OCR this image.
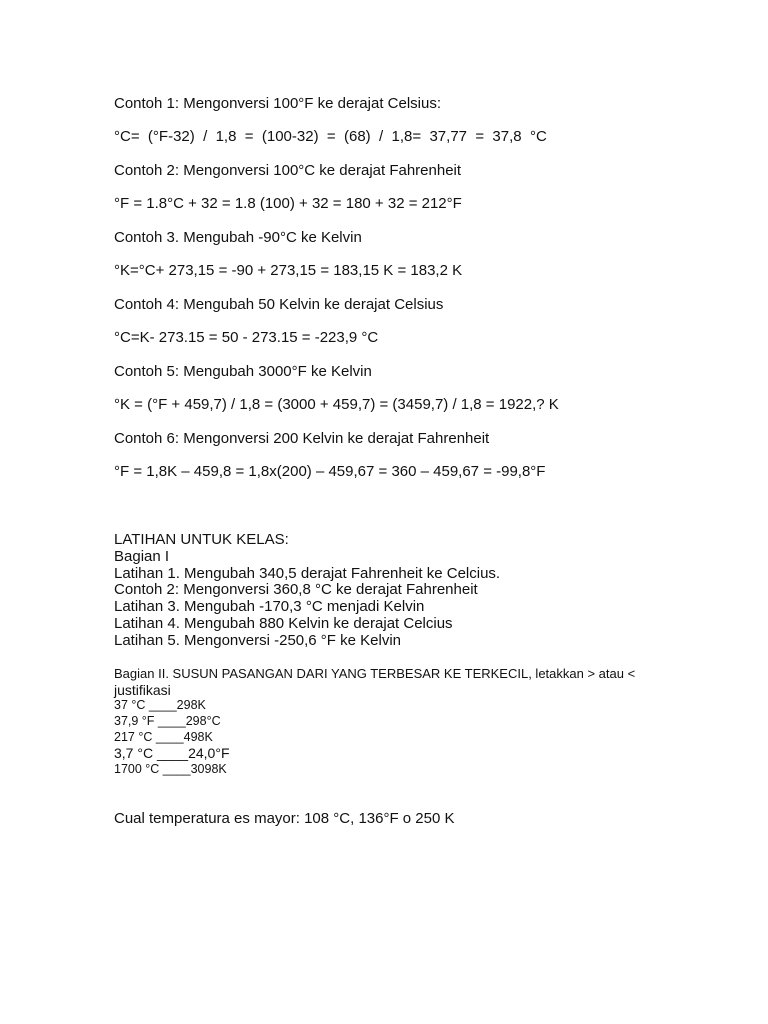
Contoh 1: Mengonversi 100°F ke derajat Celsius:
°C=  (°F-32)  /  1,8  =  (100-32)  =  (68)  /  1,8=  37,77  =  37,8  °C
Contoh 2: Mengonversi 100°C ke derajat Fahrenheit
°F = 1.8°C + 32 = 1.8 (100) + 32 = 180 + 32 = 212°F
Contoh 3. Mengubah -90°C ke Kelvin
°K=°C+ 273,15 = -90 + 273,15 = 183,15 K = 183,2 K
Contoh 4: Mengubah 50 Kelvin ke derajat Celsius
°C=K- 273.15 = 50 - 273.15 = -223,9 °C
Contoh 5: Mengubah 3000°F ke Kelvin
°K = (°F + 459,7) / 1,8 = (3000 + 459,7) = (3459,7) / 1,8 = 1922,? K
Contoh 6: Mengonversi 200 Kelvin ke derajat Fahrenheit
°F = 1,8K – 459,8 = 1,8x(200) – 459,67 = 360 – 459,67 = -99,8°F
LATIHAN UNTUK KELAS:
Bagian I
Latihan 1. Mengubah 340,5 derajat Fahrenheit ke Celcius.
Contoh 2: Mengonversi 360,8 °C ke derajat Fahrenheit
Latihan 3. Mengubah -170,3 °C menjadi Kelvin
Latihan 4. Mengubah 880 Kelvin ke derajat Celcius
Latihan 5. Mengonversi -250,6 °F ke Kelvin
Bagian II. SUSUN PASANGAN DARI YANG TERBESAR KE TERKECIL, letakkan > atau <
justifikasi
37 °C ____298K
37,9 °F ____298°C
217 °C ____498K
3,7 °C ____24,0°F
1700 °C ____3098K
Cual temperatura es mayor: 108 °C, 136°F o 250 K
